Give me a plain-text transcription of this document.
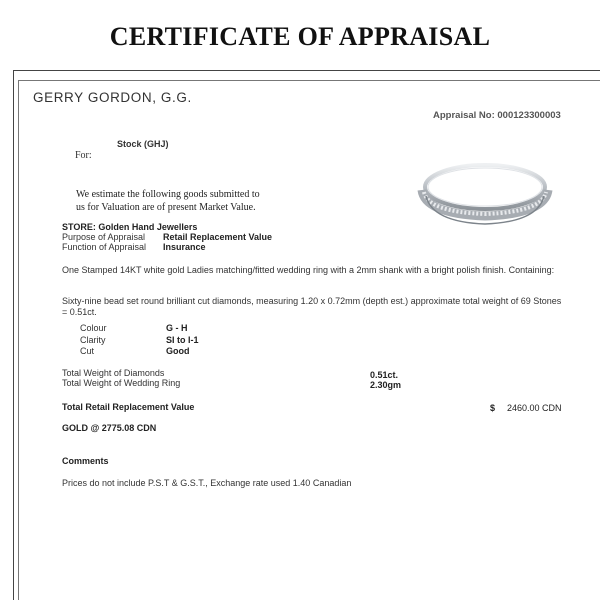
CERTIFICATE OF APPRAISAL
GERRY GORDON, G.G.
Appraisal No: 000123300003
Stock (GHJ)
For:
We estimate the following goods submitted to
us for Valuation are of present Market Value.
STORE: Golden Hand Jewellers
Purpose of Appraisal Retail Replacement Value
Function of Appraisal Insurance
One Stamped 14KT white gold Ladies matching/fitted wedding ring with a 2mm shank with a bright polish finish. Containing:
Sixty-nine bead set round brilliant cut diamonds, measuring 1.20 x 0.72mm (depth est.) approximate total weight of 69 Stones = 0.51ct.
Colour	G - H
Clarity	SI to I-1
Cut	Good
Total Weight of Diamonds	0.51ct.
Total Weight of Wedding Ring	2.30gm
Total Retail Replacement Value	$ 2460.00 CDN
GOLD @ 2775.08 CDN
Comments
Prices do not include P.S.T & G.S.T., Exchange rate used 1.40 Canadian
